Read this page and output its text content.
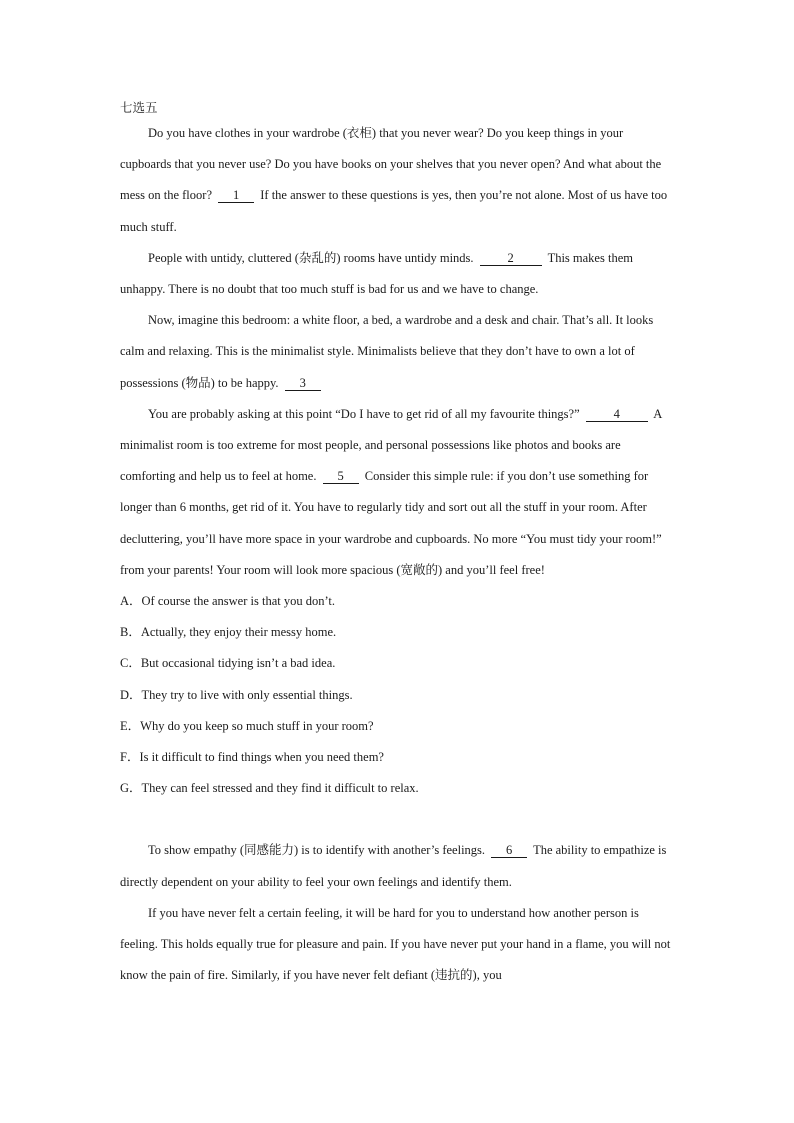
七选五

Do you have clothes in your wardrobe (衣柜) that you never wear? Do you keep things in your cupboards that you never use? Do you have books on your shelves that you never open? And what about the mess on the floor? 1 If the answer to these questions is yes, then you’re not alone. Most of us have too much stuff.

People with untidy, cluttered (杂乱的) rooms have untidy minds.	2	This makes them unhappy. There is no doubt that too much stuff is bad for us and we have to change.

Now, imagine this bedroom: a white floor, a bed, a wardrobe and a desk and chair. That’s all. It looks calm and relaxing. This is the minimalist style. Minimalists believe that they don’t have to own a lot of possessions (物品) to be happy. 3

You are probably asking at this point “Do I have to get rid of all my favourite things?”	4	A minimalist room is too extreme for most people, and personal possessions like photos and books are comforting and help us to feel at home. 5 Consider this simple rule: if you don’t use something for longer than 6 months, get rid of it. You have to regularly tidy and sort out all the stuff in your room. After decluttering, you’ll have more space in your wardrobe and cupboards. No more “You must tidy your room!” from your parents! Your room will look more spacious (宽敞的) and you’ll feel free!

A．Of course the answer is that you don’t.

B．Actually, they enjoy their messy home.

C．But occasional tidying isn’t a bad idea.

D．They try to live with only essential things.

E．Why do you keep so much stuff in your room?

F．Is it difficult to find things when you need them?

G．They can feel stressed and they find it difficult to relax.

To show empathy (同感能力) is to identify with another’s feelings. 6 The ability to empathize is directly dependent on your ability to feel your own feelings and identify them.

If you have never felt a certain feeling, it will be hard for you to understand how another person is feeling. This holds equally true for pleasure and pain. If you have never put your hand in a flame, you will not know the pain of fire. Similarly, if you have never felt defiant (违抗的), you
